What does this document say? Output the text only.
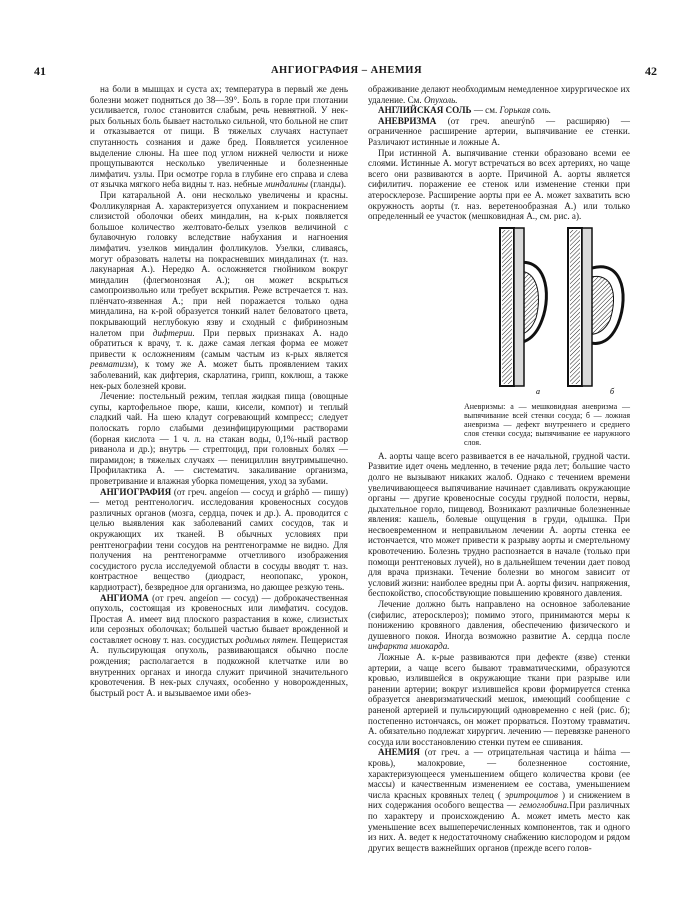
41	АНГИОГРАФИЯ – АНЕМИЯ	42

на боли в мышцах и суста ах; температура в первый же день болезни может подняться до 38—39°. Боль в горле при глотании усиливается, голос становится слабым, речь невнятной. У нек-рых больных боль бывает настолько сильной, что больной не спит и отказывается от пищи. В тяжелых случаях наступает спутанность сознания и даже бред. Появляется усиленное выделение слюны. На шее под углом нижней челюсти и ниже прощупываются несколько увеличенные и болезненные лимфатич. узлы. При осмотре горла в глубине его справа и слева от язычка мягкого неба видны т. наз. небные миндалины (гланды).

При катаральной А. они несколько увеличены и красны. Фолликулярная А. характеризуется опуханием и покраснением слизистой оболочки обеих миндалин, на к-рых появляется большое количество желтовато-белых узелков величиной с булавочную головку вследствие набухания и нагноения лимфатич. узелков миндалин фолликулов. Узелки, сливаясь, могут образовать налеты на покрасневших миндалинах (т. наз. лакунарная А.). Нередко А. осложняется гнойником вокруг миндалин (флегмонозная А.); он может вскрыться самопроизвольно или требует вскрытия. Реже встречается т. наз. плёнчато-язвенная А.; при ней поражается только одна миндалина, на к-рой образуется тонкий налет беловатого цвета, покрывающий неглубокую язву и сходный с фибринозным налетом при дифтерии. При первых признаках А. надо обратиться к врачу, т. к. даже самая легкая форма ее может привести к осложнениям (самым частым из к-рых является ревматизм), к тому же А. может быть проявлением таких заболеваний, как дифтерия, скарлатина, грипп, коклюш, а также нек-рых болезней крови.

Лечение: постельный режим, теплая жидкая пища (овощные супы, картофельное пюре, каши, кисели, компот) и теплый сладкий чай. На шею кладут согревающий компресс; следует полоскать горло слабыми дезинфицирующими растворами (борная кислота — 1 ч. л. на стакан воды, 0,1%-ный раствор риванола и др.); внутрь — стрептоцид, при головных болях — пирамидон; в тяжелых случаях — пенициллин внутримышечно. Профилактика А. — систематич. закаливание организма, проветривание и влажная уборка помещения, уход за зубами.

АНГИОГРАФИЯ (от греч. angeíon — сосуд и gráphō — пишу) — метод рентгенологич. исследования кровеносных сосудов различных органов (мозга, сердца, почек и др.). А. проводится с целью выявления как заболеваний самих сосудов, так и окружающих их тканей. В обычных условиях при рентгенографии тени сосудов на рентгенограмме не видно. Для получения на рентгенограмме отчетливого изображения сосудистого русла исследуемой области в сосуды вводят т. наз. контрастное вещество (диодраст, неопопакс, урокон, кардиотраст), безвредное для организма, но дающее резкую тень.

АНГИОМА (от греч. angeíon — сосуд) — доброкачественная опухоль, состоящая из кровеносных или лимфатич. сосудов. Простая А. имеет вид плоского разрастания в коже, слизистых или серозных оболочках; большей частью бывает врожденной и составляет основу т. наз. сосудистых родимых пятен. Пещеристая А. пульсирующая опухоль, развивающаяся обычно после рождения; располагается в подкожной клетчатке или во внутренних органах и иногда служит причиной значительного кровотечения. В нек-рых случаях, особенно у новорожденных, быстрый рост А. и вызываемое ими обез-

ображивание делают необходимым немедленное хирургическое их удаление. См. Опухоль.

АНГЛИЙСКАЯ СОЛЬ — см. Горькая соль.

АНЕВРИЗМА (от греч. aneurýnō — расширяю) — ограниченное расширение артерии, выпячивание ее стенки. Различают истинные и ложные А.

При истинной А. выпячивание стенки образовано всеми ее слоями. Истинные А. могут встречаться во всех артериях, но чаще всего они развиваются в аорте. Причиной А. аорты является сифилитич. поражение ее стенок или изменение стенки при атеросклерозе. Расширение аорты при ее А. может захватить всю окружность аорты (т. наз. веретенообразная А.) или только определенный ее участок (мешковидная А., см. рис. а).

а	б
Аневризмы: а — мешковидная аневризма — выпячивание всей стенки сосуда; б — ложная аневризма — дефект внутреннего и среднего слоя стенки сосуда; выпячивание ее наружного слоя.

А. аорты чаще всего развивается в ее начальной, грудной части. Развитие идет очень медленно, в течение ряда лет; большие часто долго не вызывают никаких жалоб. Однако с течением времени увеличивающееся выпячивание начинает сдавливать окружающие органы — другие кровеносные сосуды грудной полости, нервы, дыхательное горло, пищевод. Возникают различные болезненные явления: кашель, болевые ощущения в груди, одышка. При несвоевременном и неправильном лечении А. аорты стенка ее истончается, что может привести к разрыву аорты и смертельному кровотечению. Болезнь трудно распознается в начале (только при помощи рентгеновых лучей), но в дальнейшем течении дает повод для врача признаки. Течение болезни во многом зависит от условий жизни: наиболее вредны при А. аорты физич. напряжения, беспокойство, способствующие повышению кровяного давления.

Лечение должно быть направлено на основное заболевание (сифилис, атеросклероз); помимо этого, принимаются меры к понижению кровяного давления, обеспечению физического и душевного покоя. Иногда возможно развитие А. сердца после инфаркта миокарда.

Ложные А. к-рые развиваются при дефекте (язве) стенки артерии, а чаще всего бывают травматическими, образуются кровью, излившейся в окружающие ткани при разрыве или ранении артерии; вокруг излившейся крови формируется стенка образуется аневризматический мешок, имеющий сообщение с раненой артерией и пульсирующий одновременно с ней (рис. б); постепенно истончаясь, он может прорваться. Поэтому травматич. А. обязательно подлежат хирургич. лечению — перевязке раненого сосуда или восстановлению стенки путем ее сшивания.

АНЕМИЯ (от греч. а — отрицательная частица и háima — кровь), малокровие, — болезненное состояние, характеризующееся уменьшением общего количества крови (ее массы) и качественным изменением ее состава, уменьшением числа красных кровяных телец ( эритроцитов ) и снижением в них содержания особого вещества — гемоглобина.При различных по характеру и происхождению А. может иметь место как уменьшение всех вышеперечисленных компонентов, так и одного из них. А. ведет к недостаточному снабжению кислородом и рядом других веществ важнейших органов (прежде всего голов-
